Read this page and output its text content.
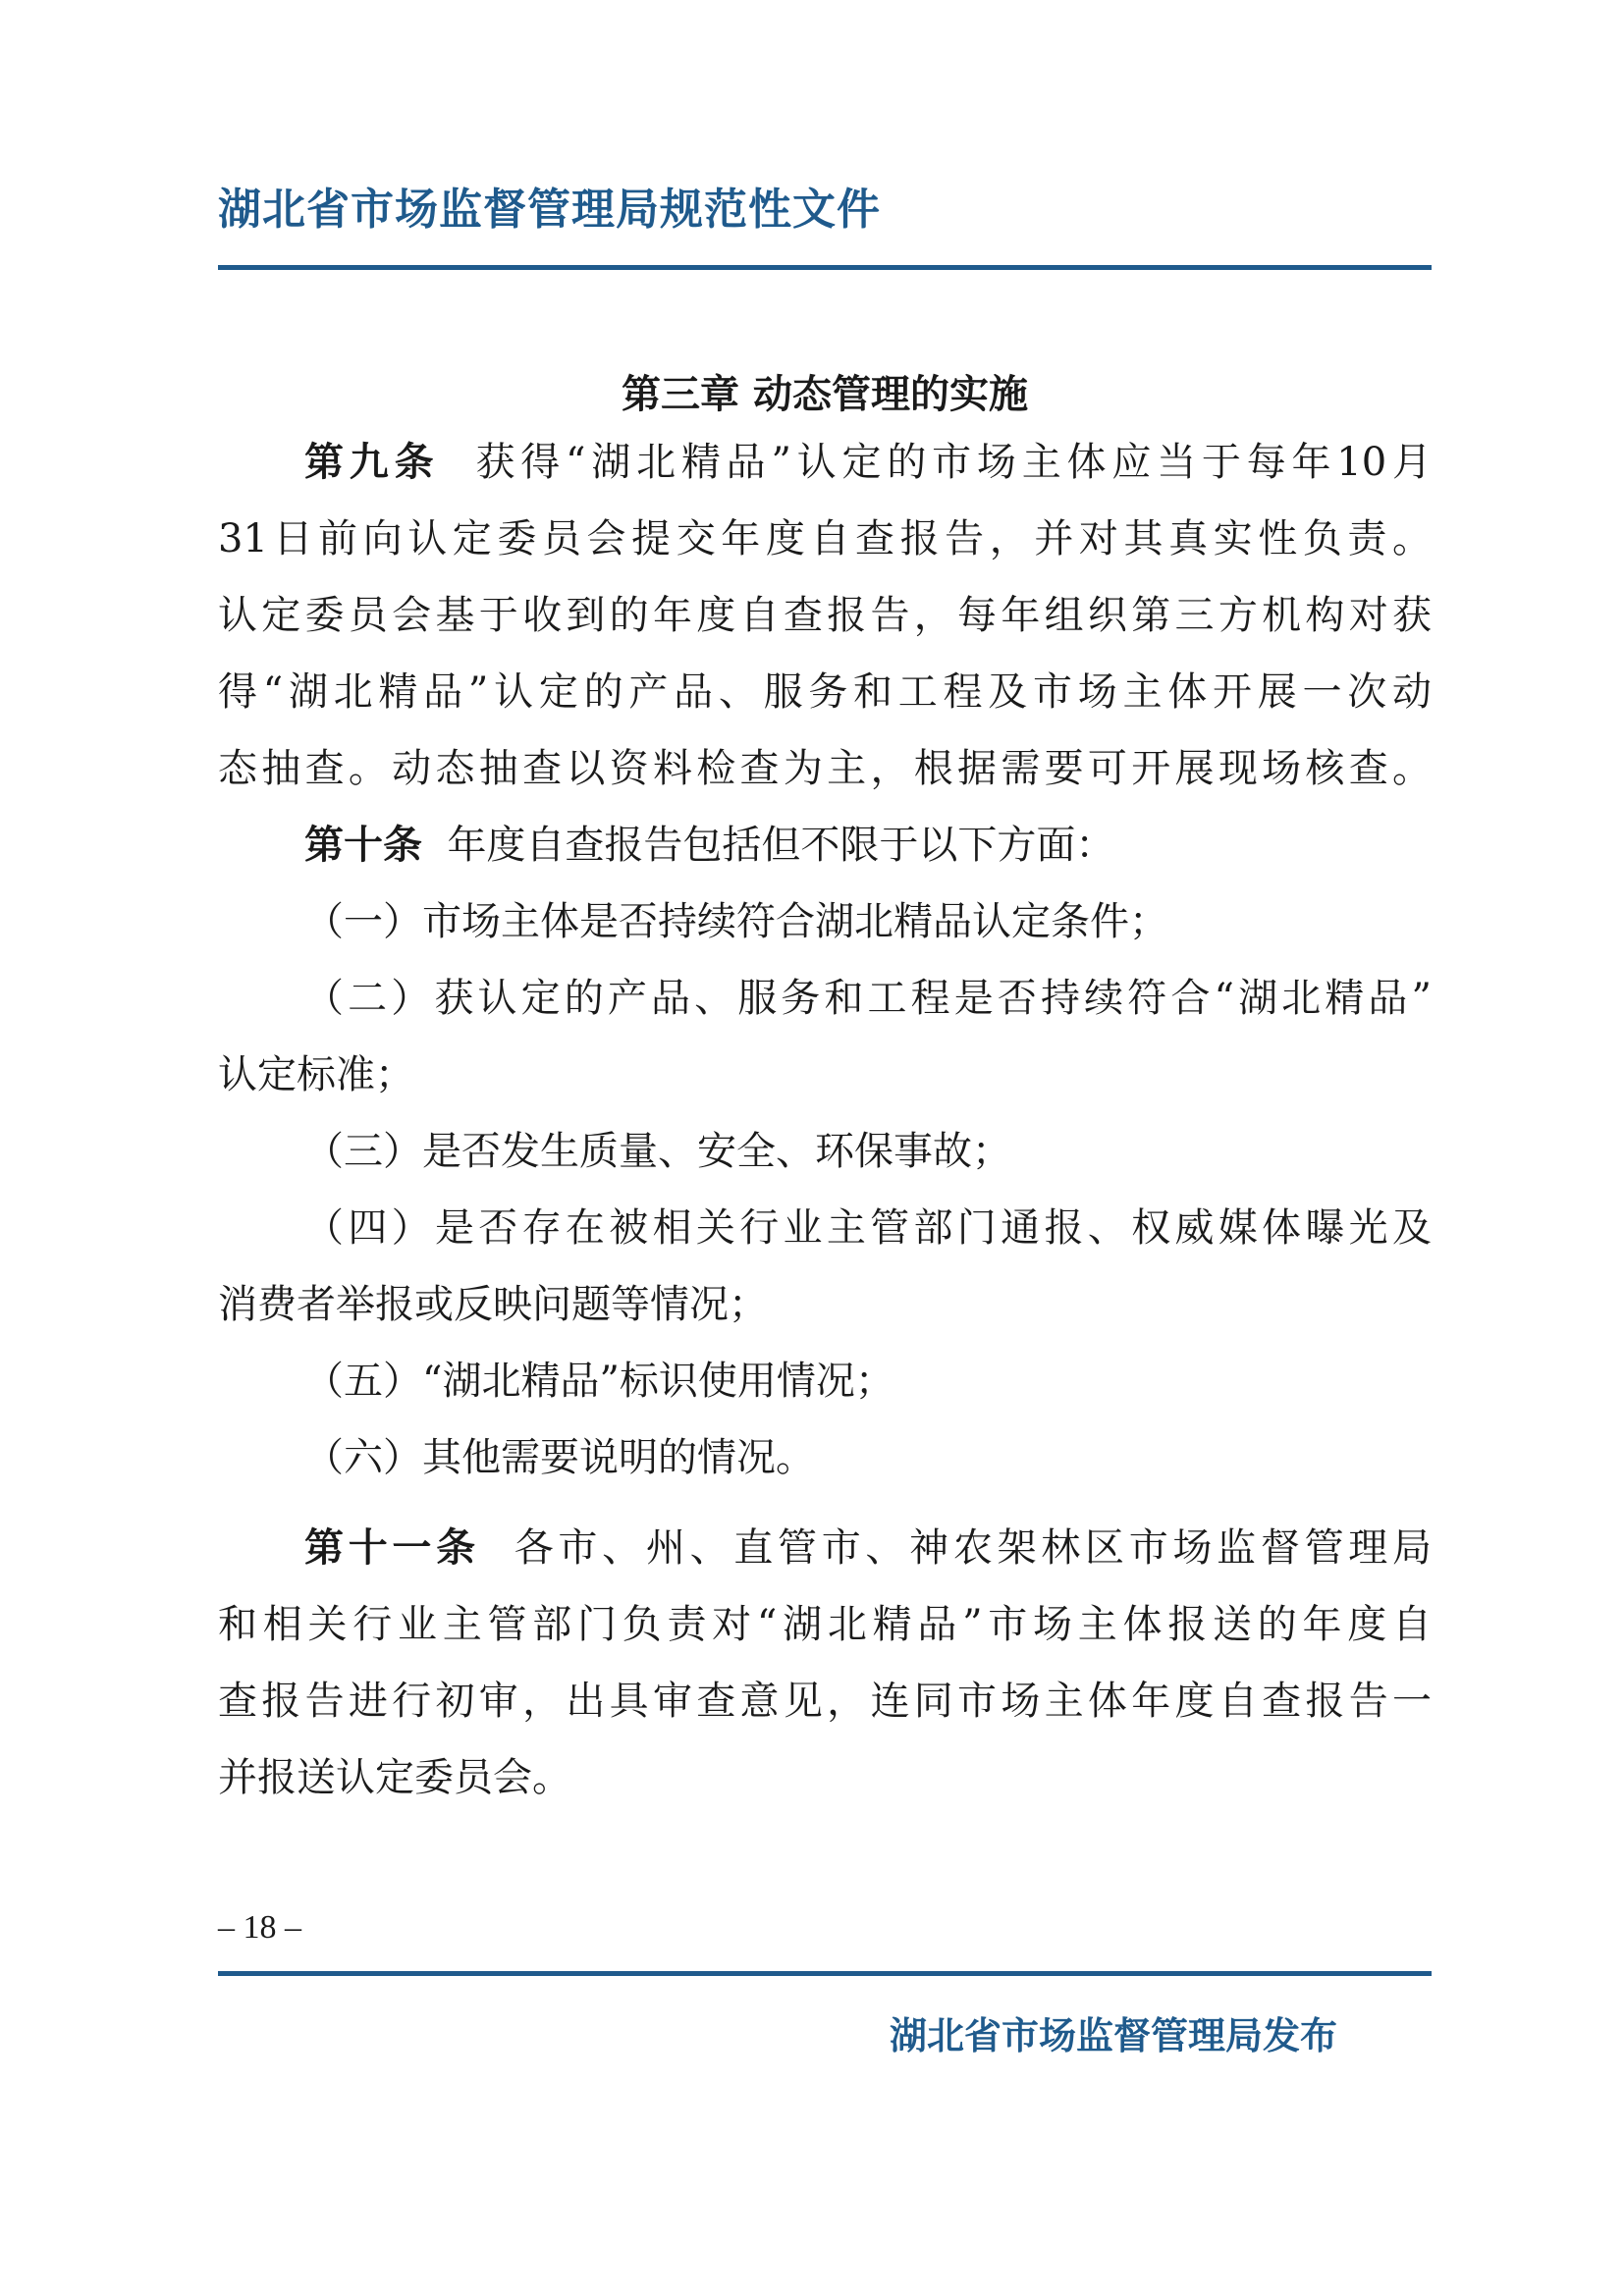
湖北省市场监督管理局规范性文件
第三章 动态管理的实施
第九条 获得“湖北精品”认定的市场主体应当于每年10月
31日前向认定委员会提交年度自查报告，并对其真实性负责。
认定委员会基于收到的年度自查报告，每年组织第三方机构对获
得“湖北精品”认定的产品、服务和工程及市场主体开展一次动
态抽查。动态抽查以资料检查为主，根据需要可开展现场核查。
第十条 年度自查报告包括但不限于以下方面：
（一）市场主体是否持续符合湖北精品认定条件；
（二）获认定的产品、服务和工程是否持续符合“湖北精品”
认定标准；
（三）是否发生质量、安全、环保事故；
（四）是否存在被相关行业主管部门通报、权威媒体曝光及
消费者举报或反映问题等情况；
（五）“湖北精品”标识使用情况；
（六）其他需要说明的情况。
第十一条 各市、州、直管市、神农架林区市场监督管理局
和相关行业主管部门负责对“湖北精品”市场主体报送的年度自
查报告进行初审，出具审查意见，连同市场主体年度自查报告一
并报送认定委员会。
– 18 –
湖北省市场监督管理局发布
